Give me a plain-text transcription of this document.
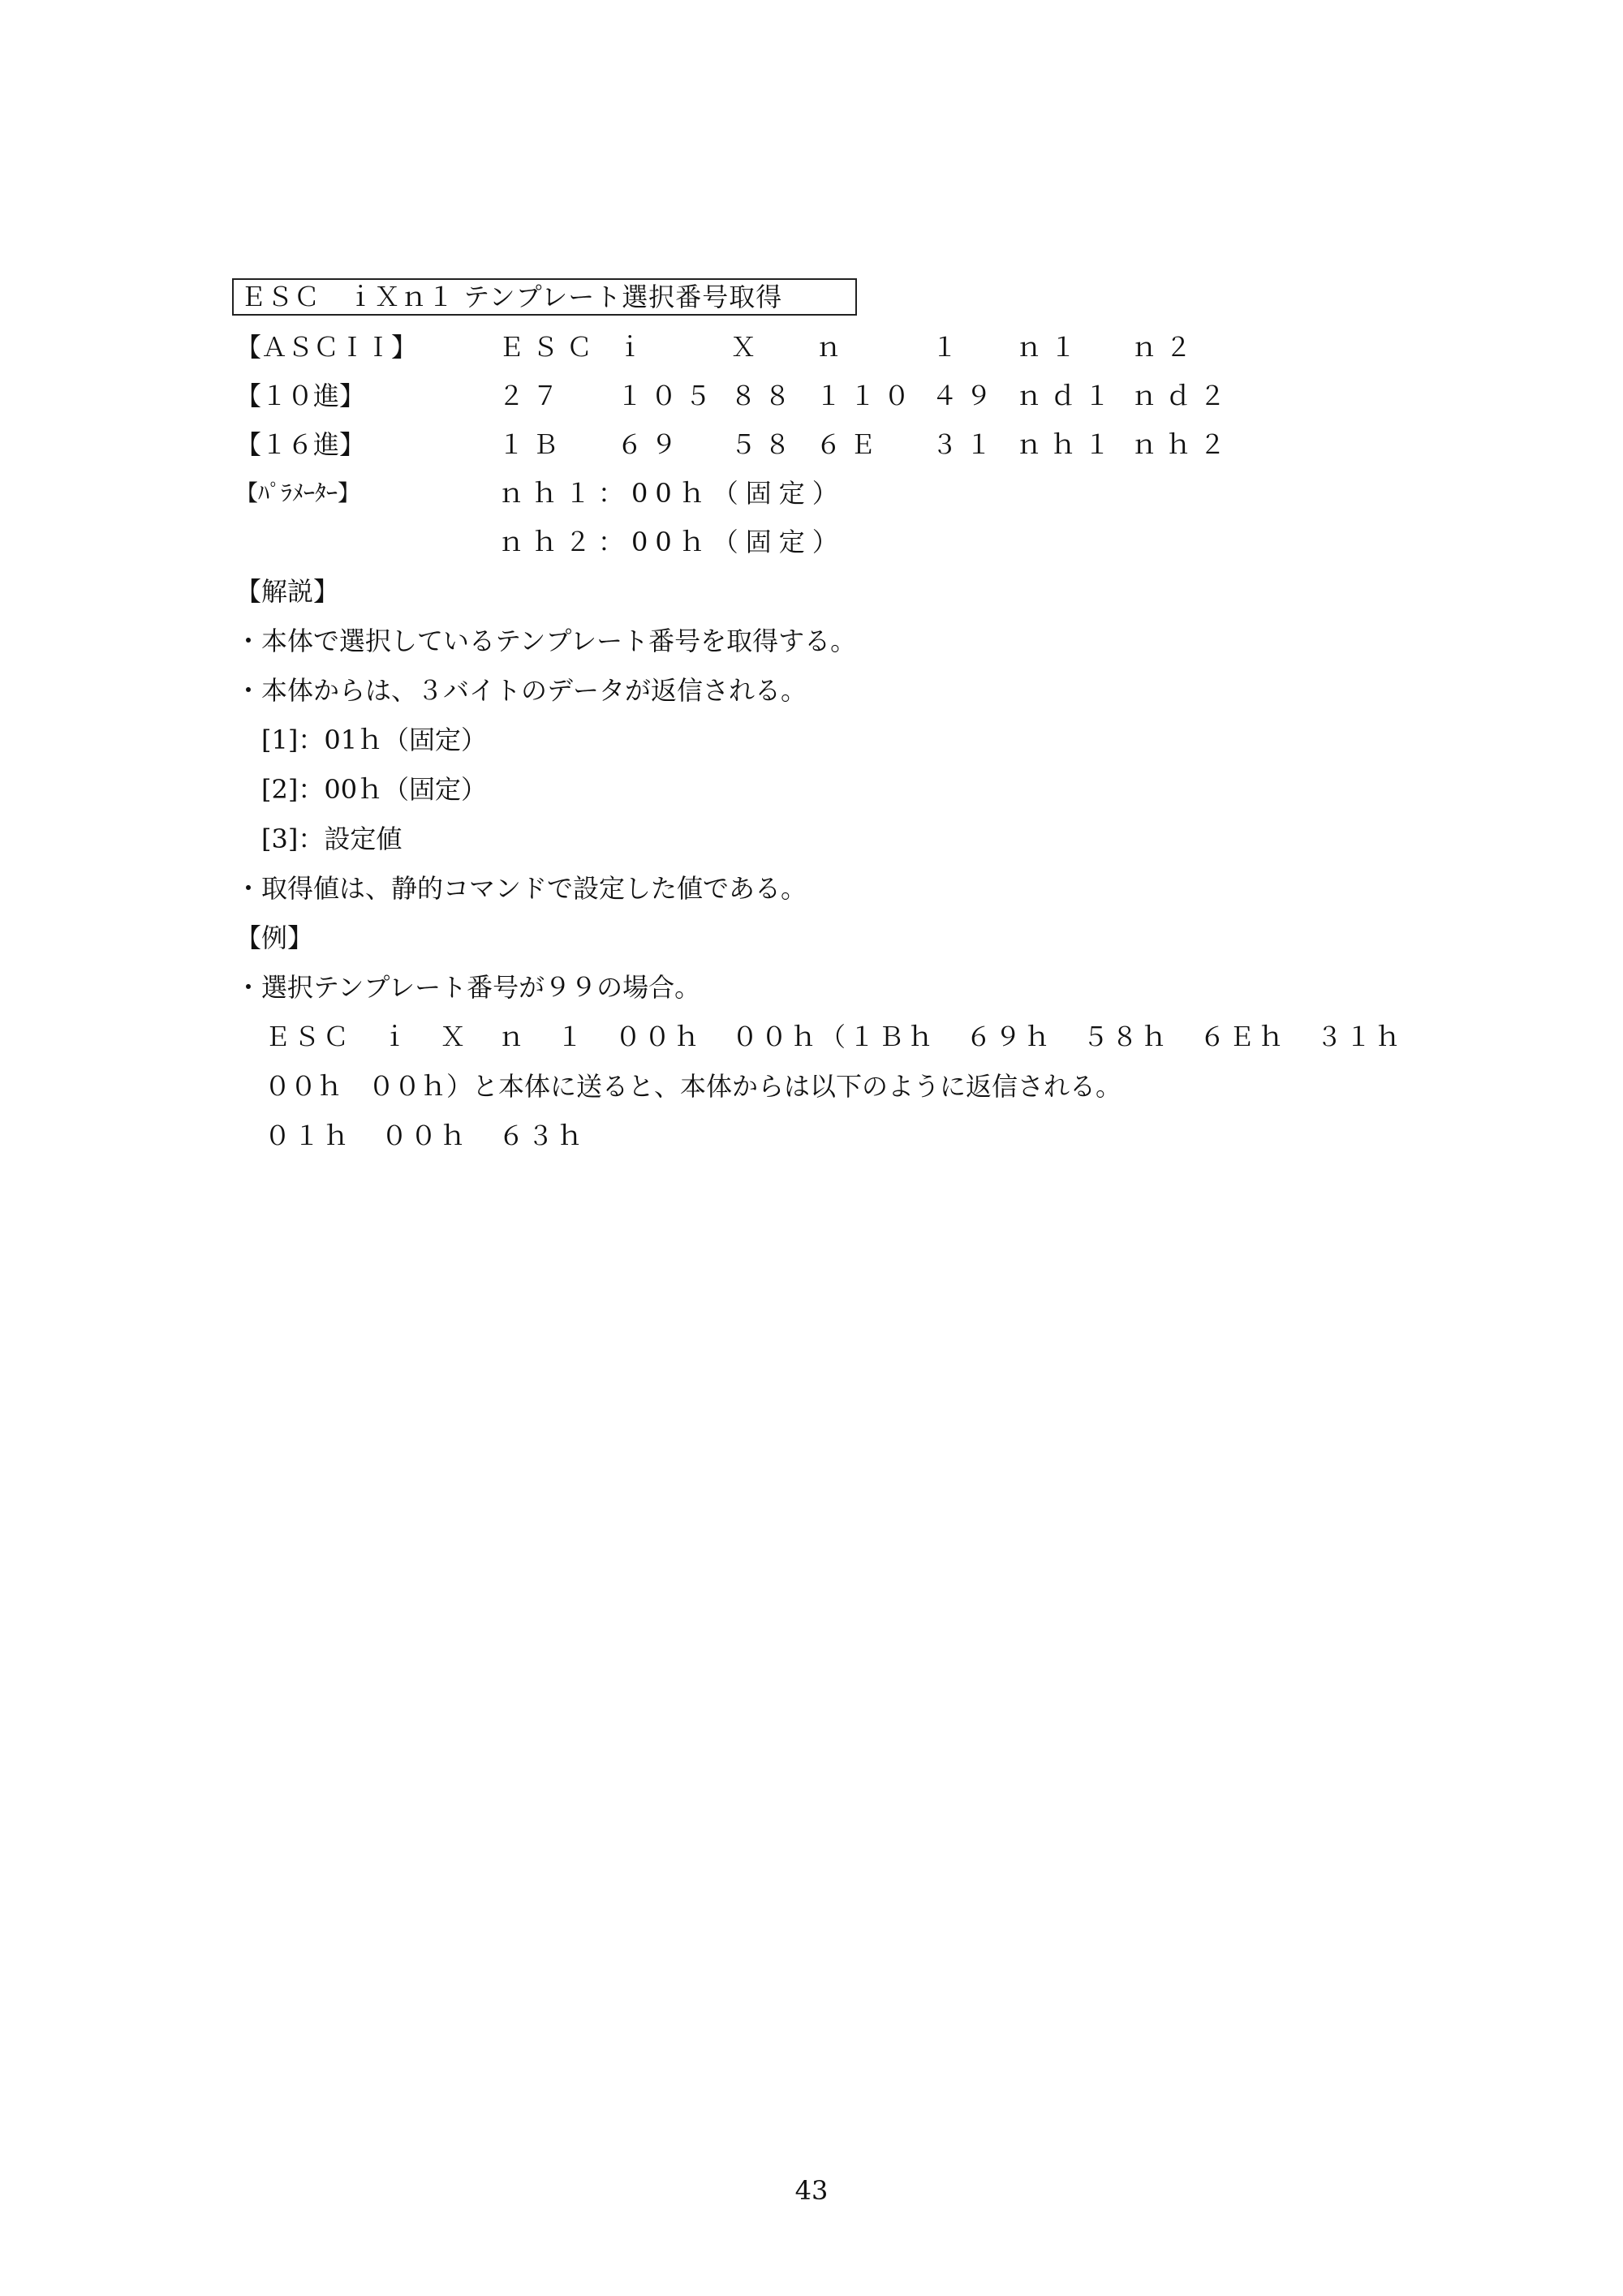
ＥＳＣ　ｉＸｎ１ テンプレート選択番号取得
【ＡＳＣＩＩ】	ＥＳＣ ｉ	Ｘ ｎ	１ ｎ１ ｎ２
【１０進】	２７ １０５ ８８ １１０ ４９ ｎｄ１ ｎｄ２
【１６進】	１Ｂ ６９ ５８ ６Ｅ ３１ ｎｈ１ ｎｈ２
【ﾊﾟﾗﾒｰﾀｰ】	ｎｈ１：00ｈ（固定）
ｎｈ２：00ｈ（固定）
【解説】
・本体で選択しているテンプレート番号を取得する。
・本体からは、３バイトのデータが返信される。
[1]：01ｈ（固定）
[2]：00ｈ（固定）
[3]：設定値
・取得値は、静的コマンドで設定した値である。
【例】
・選択テンプレート番号が９９の場合。
ＥＳＣ　ｉ　Ｘ　ｎ　１　００ｈ　００ｈ（１Ｂｈ　６９ｈ　５８ｈ　６Ｅｈ　３１ｈ
００ｈ　００ｈ）と本体に送ると、本体からは以下のように返信される。
０１ｈ　００ｈ　６３ｈ
43
